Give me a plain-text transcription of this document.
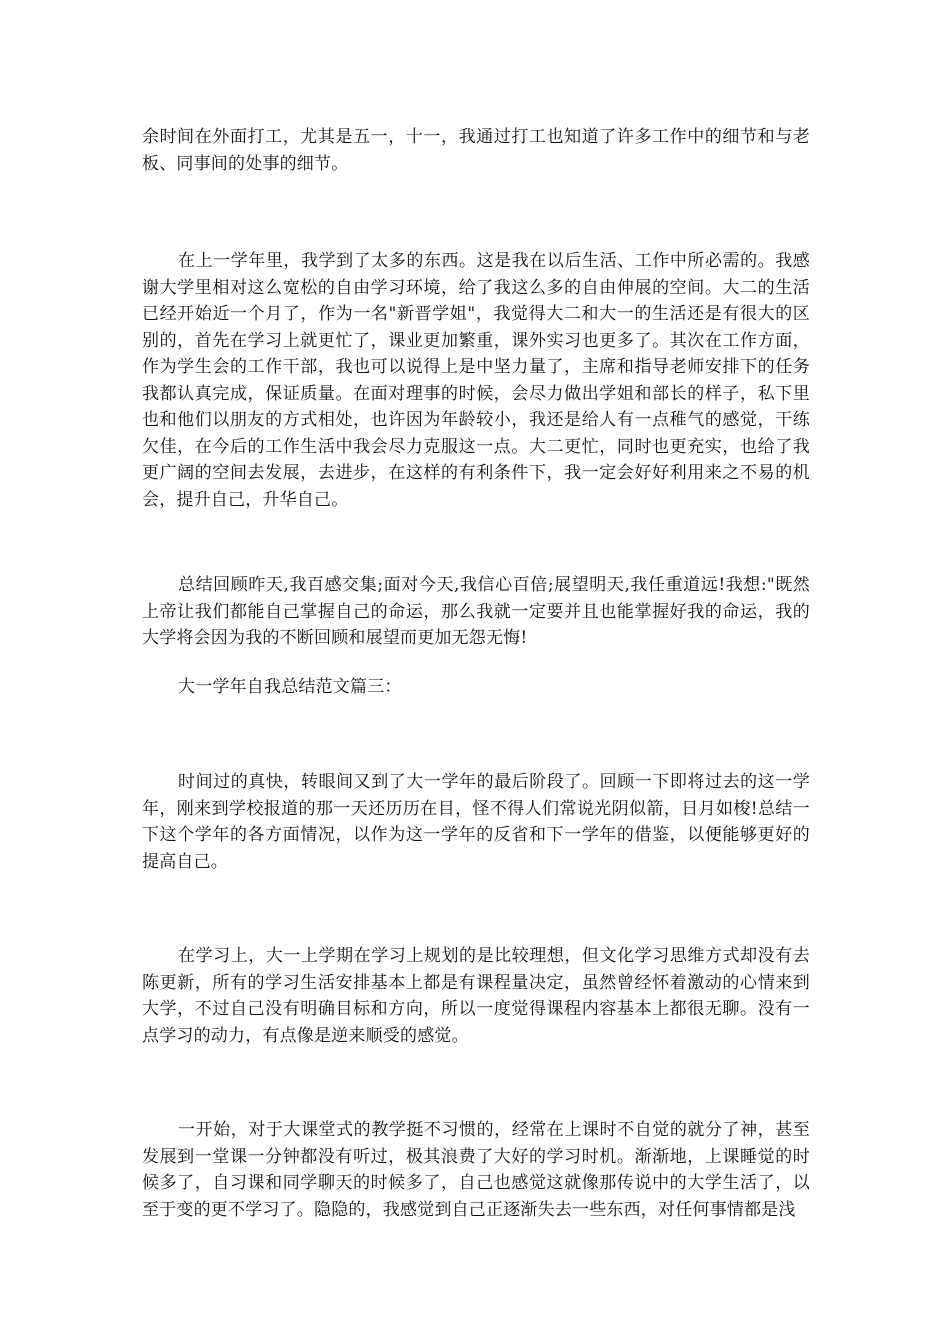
余时间在外面打工，尤其是五一，十一，我通过打工也知道了许多工作中的细节和与老板、同事间的处事的细节。

在上一学年里，我学到了太多的东西。这是我在以后生活、工作中所必需的。我感谢大学里相对这么宽松的自由学习环境，给了我这么多的自由伸展的空间。大二的生活已经开始近一个月了，作为一名"新晋学姐"，我觉得大二和大一的生活还是有很大的区别的，首先在学习上就更忙了，课业更加繁重，课外实习也更多了。其次在工作方面，作为学生会的工作干部，我也可以说得上是中坚力量了，主席和指导老师安排下的任务我都认真完成，保证质量。在面对理事的时候，会尽力做出学姐和部长的样子，私下里也和他们以朋友的方式相处，也许因为年龄较小，我还是给人有一点稚气的感觉，干练欠佳，在今后的工作生活中我会尽力克服这一点。大二更忙，同时也更充实，也给了我更广阔的空间去发展，去进步，在这样的有利条件下，我一定会好好利用来之不易的机会，提升自己，升华自己。

总结回顾昨天,我百感交集;面对今天,我信心百倍;展望明天,我任重道远!我想:"既然上帝让我们都能自己掌握自己的命运，那么我就一定要并且也能掌握好我的命运，我的大学将会因为我的不断回顾和展望而更加无怨无悔!

大一学年自我总结范文篇三：

时间过的真快，转眼间又到了大一学年的最后阶段了。回顾一下即将过去的这一学年，刚来到学校报道的那一天还历历在目，怪不得人们常说光阴似箭，日月如梭!总结一下这个学年的各方面情况，以作为这一学年的反省和下一学年的借鉴，以便能够更好的提高自己。

在学习上，大一上学期在学习上规划的是比较理想，但文化学习思维方式却没有去陈更新，所有的学习生活安排基本上都是有课程量决定，虽然曾经怀着激动的心情来到大学，不过自己没有明确目标和方向，所以一度觉得课程内容基本上都很无聊。没有一点学习的动力，有点像是逆来顺受的感觉。

一开始，对于大课堂式的教学挺不习惯的，经常在上课时不自觉的就分了神，甚至发展到一堂课一分钟都没有听过，极其浪费了大好的学习时机。渐渐地，上课睡觉的时候多了，自习课和同学聊天的时候多了，自己也感觉这就像那传说中的大学生活了，以至于变的更不学习了。隐隐的，我感觉到自己正逐渐失去一些东西，对任何事情都是浅
